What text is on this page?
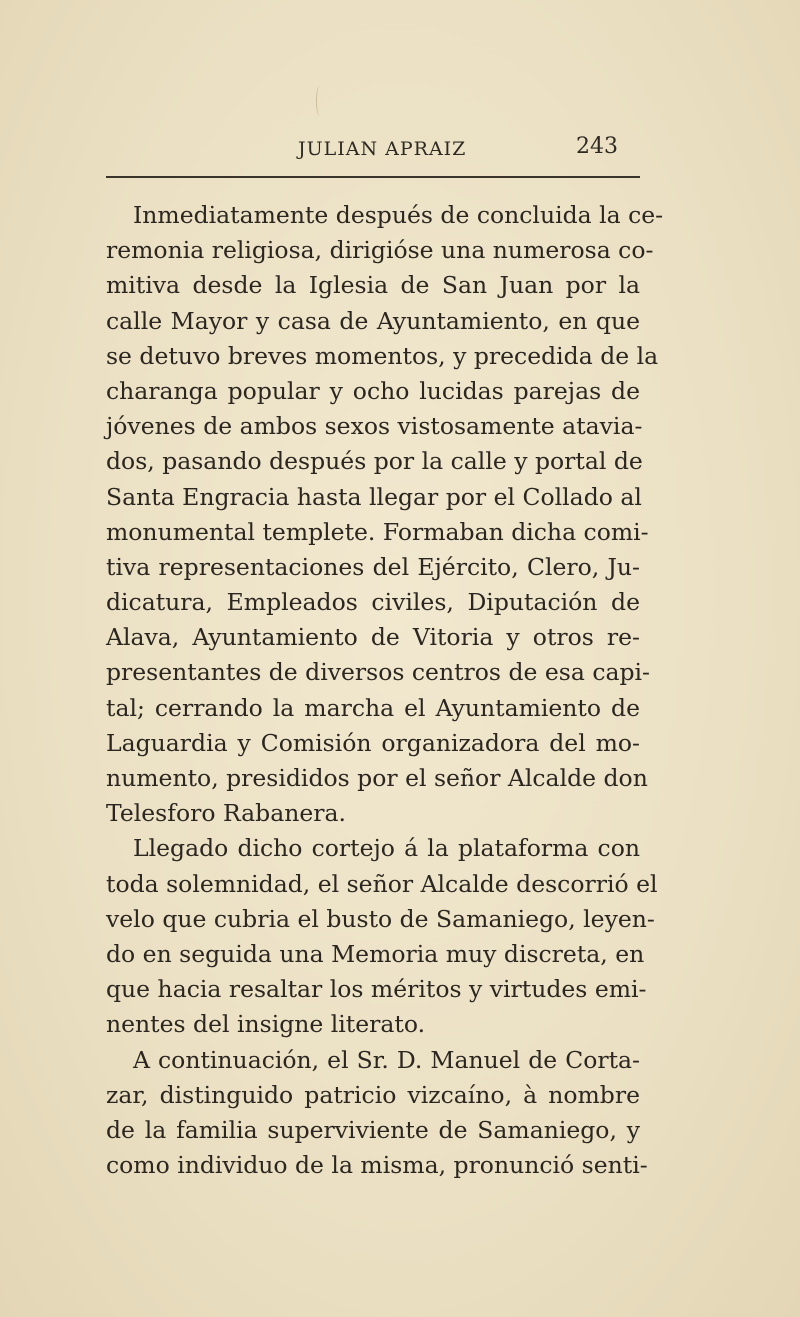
JULIAN APRAIZ	243
Inmediatamente después de concluida la ce-
remonia religiosa, dirigióse una numerosa co-
mitiva desde la Iglesia de San Juan por la
calle Mayor y casa de Ayuntamiento, en que
se detuvo breves momentos, y precedida de la
charanga popular y ocho lucidas parejas de
jóvenes de ambos sexos vistosamente atavia-
dos, pasando después por la calle y portal de
Santa Engracia hasta llegar por el Collado al
monumental templete. Formaban dicha comi-
tiva representaciones del Ejército, Clero, Ju-
dicatura, Empleados civiles, Diputación de
Alava, Ayuntamiento de Vitoria y otros re-
presentantes de diversos centros de esa capi-
tal; cerrando la marcha el Ayuntamiento de
Laguardia y Comisión organizadora del mo-
numento, presididos por el señor Alcalde don
Telesforo Rabanera.
Llegado dicho cortejo á la plataforma con
toda solemnidad, el señor Alcalde descorrió el
velo que cubria el busto de Samaniego, leyen-
do en seguida una Memoria muy discreta, en
que hacia resaltar los méritos y virtudes emi-
nentes del insigne literato.
A continuación, el Sr. D. Manuel de Corta-
zar, distinguido patricio vizcaíno, à nombre
de la familia superviviente de Samaniego, y
como individuo de la misma, pronunció senti-
